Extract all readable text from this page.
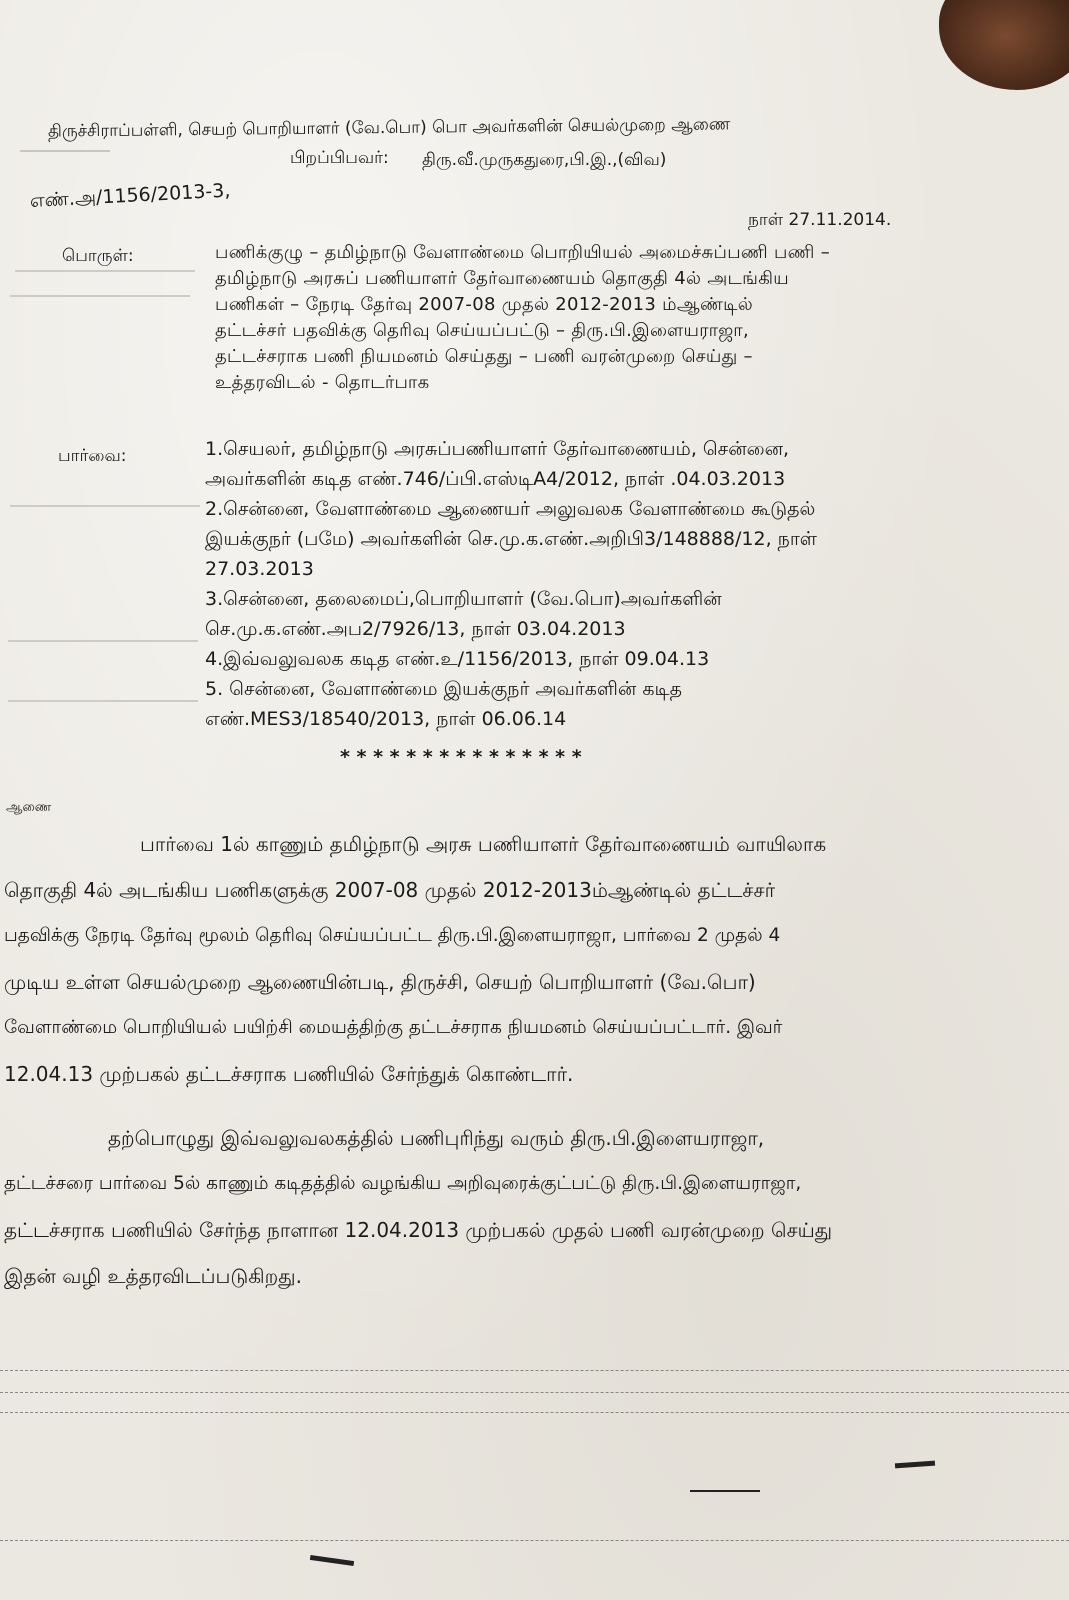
திருச்சிராப்பள்ளி, செயற் பொறியாளர் (வே.பொ) பொ அவர்களின் செயல்முறை ஆணை
பிறப்பிபவர்: திரு.வீ.முருகதுரை,பி.இ.,(விவ)
எண்.அ/1156/2013-3,
நாள் 27.11.2014.
பொருள்:	பணிக்குழு – தமிழ்நாடு வேளாண்மை பொறியியல் அமைச்சுப்பணி பணி –
தமிழ்நாடு அரசுப் பணியாளர் தேர்வாணையம் தொகுதி 4ல் அடங்கிய
பணிகள் – நேரடி தேர்வு 2007-08 முதல் 2012-2013 ம்ஆண்டில்
தட்டச்சர் பதவிக்கு தெரிவு செய்யப்பட்டு – திரு.பி.இளையராஜா,
தட்டச்சராக பணி நியமனம் செய்தது – பணி வரன்முறை செய்து –
உத்தரவிடல் - தொடர்பாக
பார்வை:	1.செயலர், தமிழ்நாடு அரசுப்பணியாளர் தேர்வாணையம், சென்னை,
அவர்களின் கடித எண்.746/ப்பி.எஸ்டிA4/2012, நாள் .04.03.2013
2.சென்னை, வேளாண்மை ஆணையர் அலுவலக வேளாண்மை கூடுதல்
இயக்குநர் (பமே) அவர்களின் செ.மு.க.எண்.அறிபி3/148888/12, நாள்
27.03.2013
3.சென்னை, தலைமைப்,பொறியாளர் (வே.பொ)அவர்களின்
செ.மு.க.எண்.அப2/7926/13, நாள் 03.04.2013
4.இவ்வலுவலக கடித எண்.உ/1156/2013, நாள் 09.04.13
5. சென்னை, வேளாண்மை இயக்குநர் அவர்களின் கடித
எண்.MES3/18540/2013, நாள் 06.06.14
* * * * * * * * * * * * * * *
ஆணை
பார்வை 1ல் காணும் தமிழ்நாடு அரசு பணியாளர் தேர்வாணையம் வாயிலாக
தொகுதி 4ல் அடங்கிய பணிகளுக்கு 2007-08 முதல் 2012-2013ம்ஆண்டில் தட்டச்சர்
பதவிக்கு நேரடி தேர்வு மூலம் தெரிவு செய்யப்பட்ட திரு.பி.இளையராஜா, பார்வை 2 முதல் 4
முடிய உள்ள செயல்முறை ஆணையின்படி, திருச்சி, செயற் பொறியாளர் (வே.பொ)
வேளாண்மை பொறியியல் பயிற்சி மையத்திற்கு தட்டச்சராக நியமனம் செய்யப்பட்டார். இவர்
12.04.13 முற்பகல் தட்டச்சராக பணியில் சேர்ந்துக் கொண்டார்.
தற்பொழுது இவ்வலுவலகத்தில் பணிபுரிந்து வரும் திரு.பி.இளையராஜா,
தட்டச்சரை பார்வை 5ல் காணும் கடிதத்தில் வழங்கிய அறிவுரைக்குட்பட்டு திரு.பி.இளையராஜா,
தட்டச்சராக பணியில் சேர்ந்த நாளான 12.04.2013 முற்பகல் முதல் பணி வரன்முறை செய்து
இதன் வழி உத்தரவிடப்படுகிறது.
